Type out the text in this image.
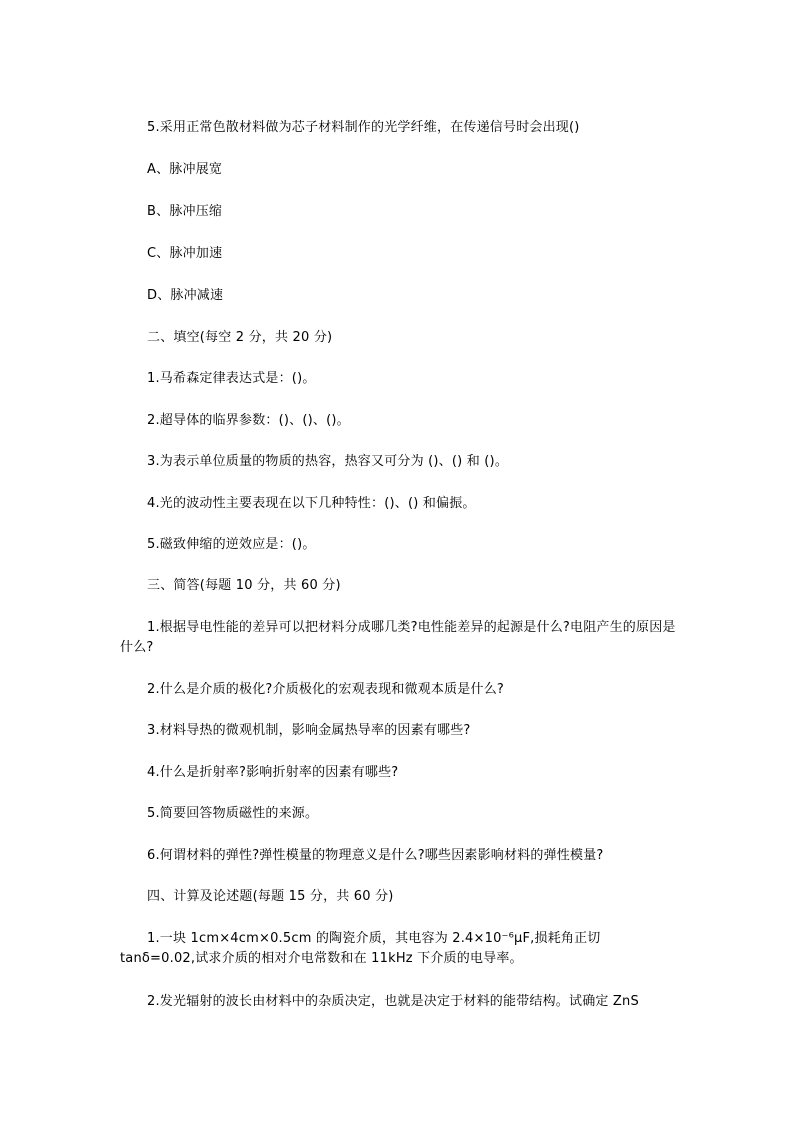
5.采用正常色散材料做为芯子材料制作的光学纤维，在传递信号时会出现()
A、脉冲展宽
B、脉冲压缩
C、脉冲加速
D、脉冲减速
二、填空(每空 2 分，共 20 分)
1.马希森定律表达式是：()。
2.超导体的临界参数：()、()、()。
3.为表示单位质量的物质的热容，热容又可分为 ()、() 和 ()。
4.光的波动性主要表现在以下几种特性：()、() 和偏振。
5.磁致伸缩的逆效应是：()。
三、简答(每题 10 分，共 60 分)
1.根据导电性能的差异可以把材料分成哪几类?电性能差异的起源是什么?电阻产生的原因是什么?
2.什么是介质的极化?介质极化的宏观表现和微观本质是什么?
3.材料导热的微观机制，影响金属热导率的因素有哪些?
4.什么是折射率?影响折射率的因素有哪些?
5.简要回答物质磁性的来源。
6.何谓材料的弹性?弹性模量的物理意义是什么?哪些因素影响材料的弹性模量?
四、计算及论述题(每题 15 分，共 60 分)
1.一块 1cm×4cm×0.5cm 的陶瓷介质，其电容为 2.4×10⁻⁶μF,损耗角正切 tanδ=0.02,试求介质的相对介电常数和在 11kHz 下介质的电导率。
2.发光辐射的波长由材料中的杂质决定，也就是决定于材料的能带结构。试确定 ZnS
